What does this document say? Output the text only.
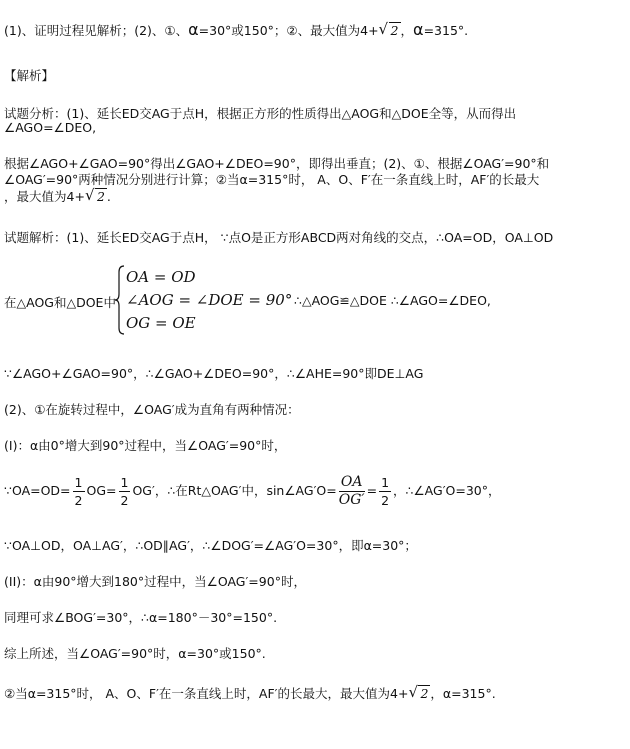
(1)、证明过程见解析；(2)、①、α=30°或150°；②、最大值为4+ √ 2 ，α=315°.
【解析】
试题分析：(1)、延长ED交AG于点H，根据正方形的性质得出△AOG和△DOE全等，从而得出
∠AGO=∠DEO,
根据∠AGO+∠GAO=90°得出∠GAO+∠DEO=90°，即得出垂直；(2)、①、根据∠OAG′=90°和
∠OAG′=90°两种情况分别进行计算；②当α=315°时， A、O、F′在一条直线上时，AF′的长最大
，最大值为4+ √ 2 .
试题解析：(1)、延长ED交AG于点H， ∵点O是正方形ABCD两对角线的交点，∴OA=OD，OA⊥OD
在△AOG和△DOE中
OA = OD
∠AOG = ∠DOE = 90°
OG = OE
∴△AOG≌△DOE ∴∠AGO=∠DEO,
∵∠AGO+∠GAO=90°，∴∠GAO+∠DEO=90°，∴∠AHE=90°即DE⊥AG
(2)、①在旋转过程中，∠OAG′成为直角有两种情况：
(I)：α由0°增大到90°过程中，当∠OAG′=90°时，
∵OA=OD= $\frac{1}{2} OG= \frac{1}{2} OG'$，∴在Rt△OAG′中，sin∠AG′O= $\frac{OA}{OG'} = \frac{1}{2}$ ，∴∠AG′O=30°，
∵OA⊥OD，OA⊥AG′，∴OD∥AG′，∴∠DOG′=∠AG′O=30°，即α=30°；
(II)：α由90°增大到180°过程中，当∠OAG′=90°时，
同理可求∠BOG′=30°，∴α=180°－30°=150°.
综上所述，当∠OAG′=90°时，α=30°或150°.
②当α=315°时， A、O、F′在一条直线上时，AF′的长最大，最大值为4+ √ 2 ，α=315°.
